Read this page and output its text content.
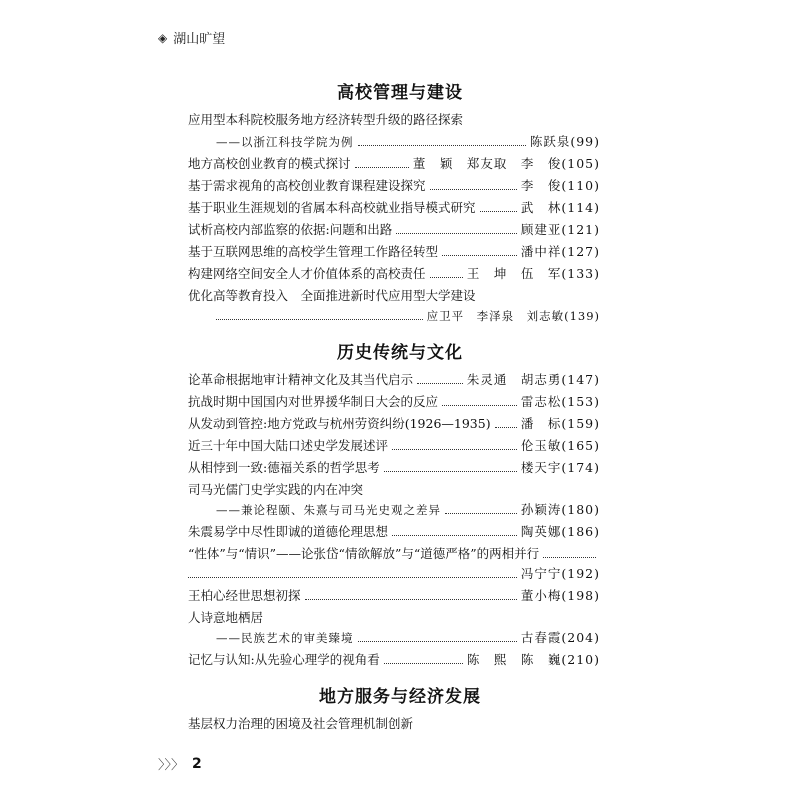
◈ 湖山旷望
高校管理与建设
应用型本科院校服务地方经济转型升级的路径探索
——以浙江科技学院为例	陈跃泉(99)
地方高校创业教育的模式探讨	董　颖　郑友取　李　俊(105)
基于需求视角的高校创业教育课程建设探究	李　俊(110)
基于职业生涯规划的省属本科高校就业指导模式研究	武　林(114)
试析高校内部监察的依据:问题和出路	顾建亚(121)
基于互联网思维的高校学生管理工作路径转型	潘中祥(127)
构建网络空间安全人才价值体系的高校责任	王　坤　伍　军(133)
优化高等教育投入　全面推进新时代应用型大学建设
应卫平　李泽泉　刘志敏(139)
历史传统与文化
论革命根据地审计精神文化及其当代启示	朱灵通　胡志勇(147)
抗战时期中国国内对世界援华制日大会的反应	雷志松(153)
从发动到管控:地方党政与杭州劳资纠纷(1926—1935) 潘　标(159)
近三十年中国大陆口述史学发展述评	伦玉敏(165)
从相悖到一致:德福关系的哲学思考	楼天宇(174)
司马光儒门史学实践的内在冲突
——兼论程颐、朱熹与司马光史观之差异	孙颖涛(180)
朱震易学中尽性即诚的道德伦理思想	陶英娜(186)
“性体”与“情识”——论张岱“情欲解放”与“道德严格”的两相并行
冯宁宁(192)
王柏心经世思想初探	董小梅(198)
人诗意地栖居
——民族艺术的审美臻境	古春霞(204)
记忆与认知:从先验心理学的视角看	陈　熙　陈　巍(210)
地方服务与经济发展
基层权力治理的困境及社会管理机制创新
〉〉〉 2
